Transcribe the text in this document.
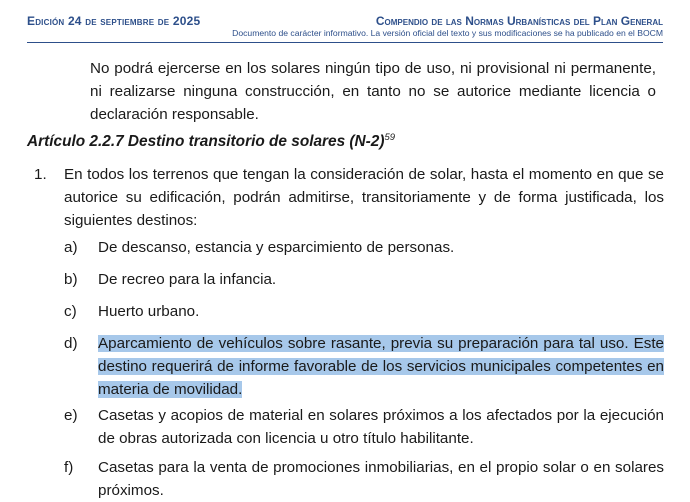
Edición 24 de septiembre de 2025	Compendio de las Normas Urbanísticas del Plan General
Documento de carácter informativo. La versión oficial del texto y sus modificaciones se ha publicado en el BOCM
No podrá ejercerse en los solares ningún tipo de uso, ni provisional ni permanente, ni realizarse ninguna construcción, en tanto no se autorice mediante licencia o declaración responsable.
Artículo 2.2.7 Destino transitorio de solares $(N-2)^{59}$
1. En todos los terrenos que tengan la consideración de solar, hasta el momento en que se autorice su edificación, podrán admitirse, transitoriamente y de forma justificada, los siguientes destinos:
a) De descanso, estancia y esparcimiento de personas.
b) De recreo para la infancia.
c) Huerto urbano.
d) Aparcamiento de vehículos sobre rasante, previa su preparación para tal uso. Este destino requerirá de informe favorable de los servicios municipales competentes en materia de movilidad.
e) Casetas y acopios de material en solares próximos a los afectados por la ejecución de obras autorizada con licencia u otro título habilitante.
f) Casetas para la venta de promociones inmobiliarias, en el propio solar o en solares próximos.
